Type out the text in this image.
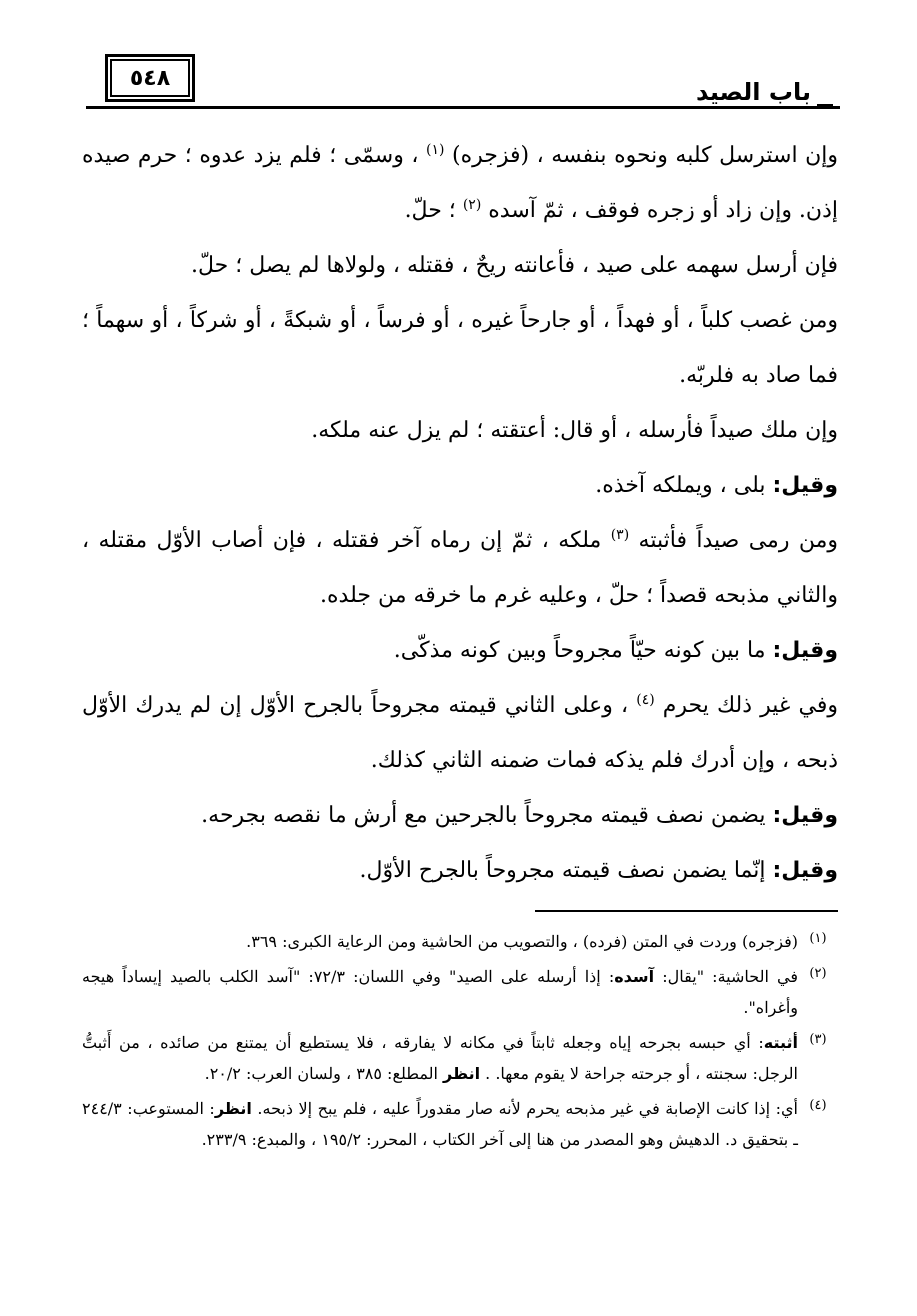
٥٤٨	باب الصيد

وإن استرسل كلبه ونحوه بنفسه ، (فزجره) $^{(١)}$ ، وسمّى ؛ فلم يزد عدوه ؛ حرم صيده إذن. وإن زاد أو زجره فوقف ، ثمّ آسده $^{(٢)}$ ؛ حلّ.

فإن أرسل سهمه على صيد ، فأعانته ريحٌ ، فقتله ، ولولاها لم يصل ؛ حلّ.

ومن غصب كلباً ، أو فهداً ، أو جارحاً غيره ، أو فرساً ، أو شبكةً ، أو شركاً ، أو سهماً ؛ فما صاد به فلربّه.

وإن ملك صيداً فأرسله ، أو قال: أعتقته ؛ لم يزل عنه ملكه.

وقيل: بلى ، ويملكه آخذه.

ومن رمى صيداً فأثبته $^{(٣)}$ ملكه ، ثمّ إن رماه آخر فقتله ، فإن أصاب الأوّل مقتله ، والثاني مذبحه قصداً ؛ حلّ ، وعليه غرم ما خرقه من جلده.

وقيل: ما بين كونه حيّاً مجروحاً وبين كونه مذكّى.

وفي غير ذلك يحرم $^{(٤)}$ ، وعلى الثاني قيمته مجروحاً بالجرح الأوّل إن لم يدرك الأوّل ذبحه ، وإن أدرك فلم يذكه فمات ضمنه الثاني كذلك.

وقيل: يضمن نصف قيمته مجروحاً بالجرحين مع أرش ما نقصه بجرحه.

وقيل: إنّما يضمن نصف قيمته مجروحاً بالجرح الأوّل.

(١)
(فزجره) وردت في المتن (فرده) ، والتصويب من الحاشية ومن الرعاية الكبرى: ٣٦٩.
(٢)
في الحاشية: "يقال: آسده: إذا أرسله على الصيد" وفي اللسان: ٧٢/٣: "آسد الكلب بالصيد إيساداً هيجه وأغراه".
(٣)
أثبته: أي حبسه بجرحه إياه وجعله ثابتاً في مكانه لا يفارقه ، فلا يستطيع أن يمتنع من صائده ، من أَثبتُّ الرجل: سجنته ، أو جرحته جراحة لا يقوم معها. . انظر المطلع: ٣٨٥ ، ولسان العرب: ٢٠/٢.
(٤)
أي: إذا كانت الإصابة في غير مذبحه يحرم لأنه صار مقدوراً عليه ، فلم يبح إلا ذبحه. انظر: المستوعب: ٢٤٤/٣ ـ بتحقيق د. الدهيش وهو المصدر من هنا إلى آخر الكتاب ، المحرر: ١٩٥/٢ ، والمبدع: ٢٣٣/٩.
